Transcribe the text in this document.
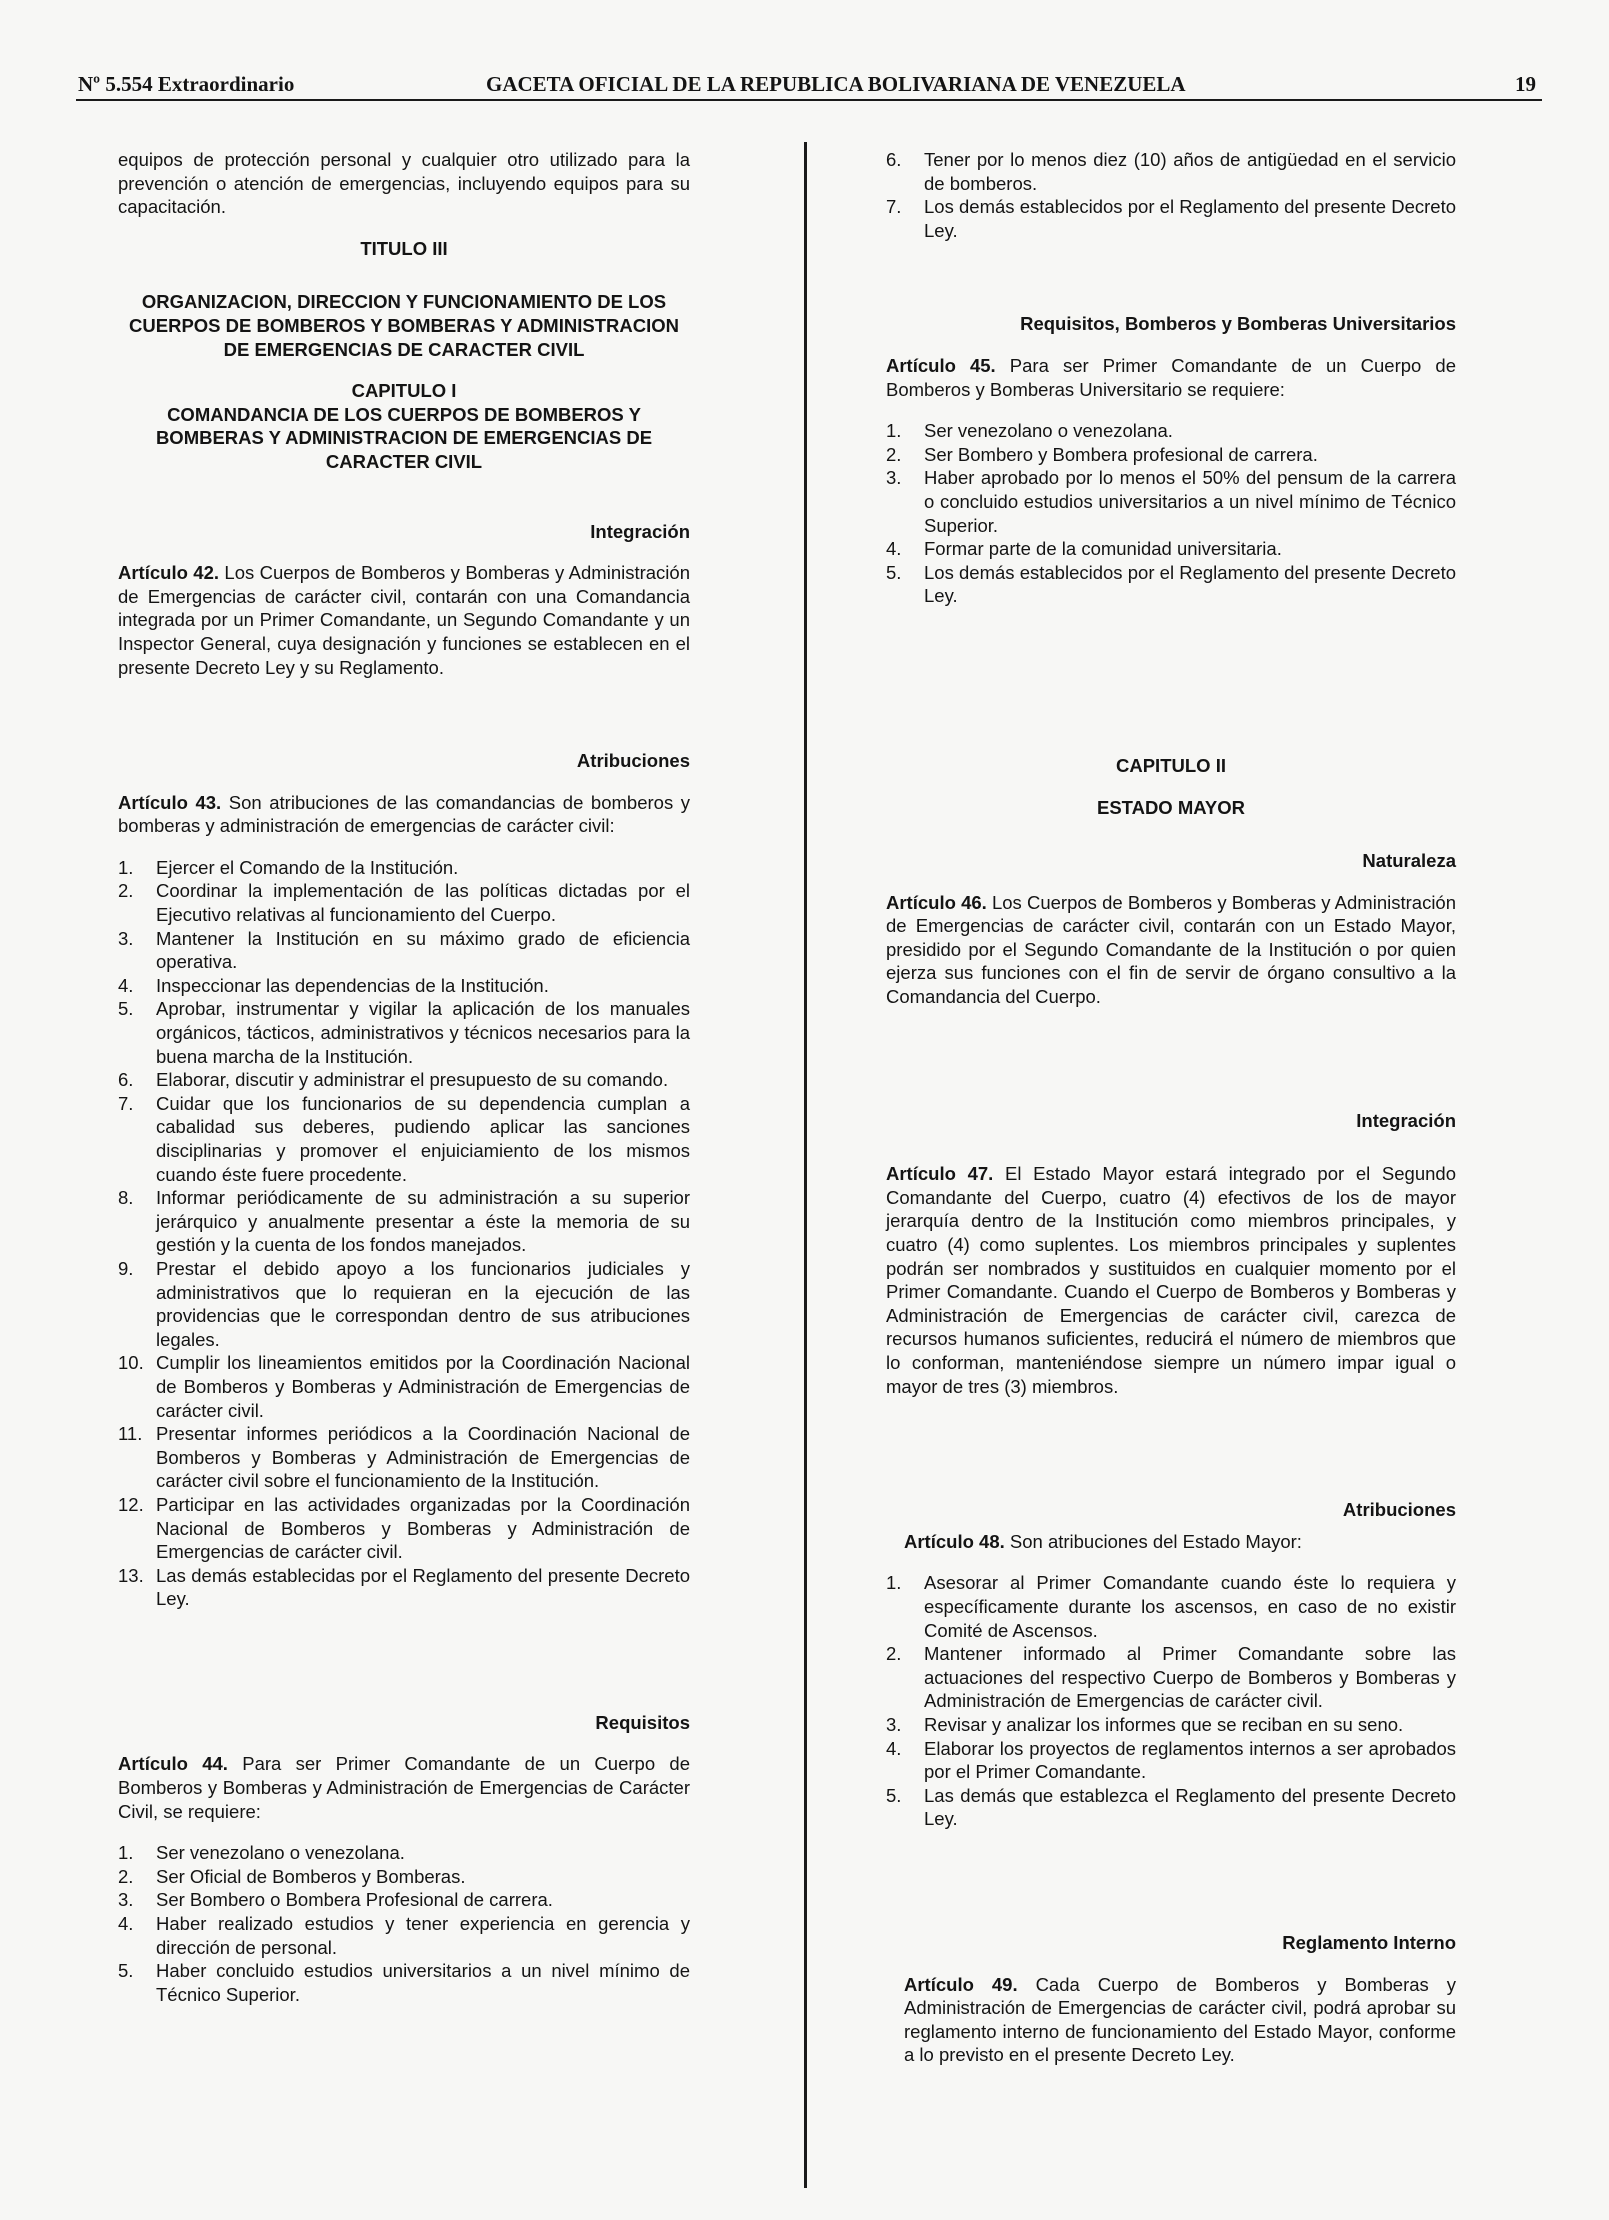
Nº 5.554 Extraordinario	GACETA OFICIAL DE LA REPUBLICA BOLIVARIANA DE VENEZUELA	19

equipos de protección personal y cualquier otro utilizado para la prevención o atención de emergencias, incluyendo equipos para su capacitación.

TITULO III

ORGANIZACION, DIRECCION Y FUNCIONAMIENTO DE LOS CUERPOS DE BOMBEROS Y BOMBERAS Y ADMINISTRACION DE EMERGENCIAS DE CARACTER CIVIL

CAPITULO I

COMANDANCIA DE LOS CUERPOS DE BOMBEROS Y BOMBERAS Y ADMINISTRACION DE EMERGENCIAS DE CARACTER CIVIL

Integración

Artículo 42. Los Cuerpos de Bomberos y Bomberas y Administración de Emergencias de carácter civil, contarán con una Comandancia integrada por un Primer Comandante, un Segundo Comandante y un Inspector General, cuya designación y funciones se establecen en el presente Decreto Ley y su Reglamento.

Atribuciones

Artículo 43. Son atribuciones de las comandancias de bomberos y bomberas y administración de emergencias de carácter civil:

1. Ejercer el Comando de la Institución.
2. Coordinar la implementación de las políticas dictadas por el Ejecutivo relativas al funcionamiento del Cuerpo.
3. Mantener la Institución en su máximo grado de eficiencia operativa.
4. Inspeccionar las dependencias de la Institución.
5. Aprobar, instrumentar y vigilar la aplicación de los manuales orgánicos, tácticos, administrativos y técnicos necesarios para la buena marcha de la Institución.
6. Elaborar, discutir y administrar el presupuesto de su comando.
7. Cuidar que los funcionarios de su dependencia cumplan a cabalidad sus deberes, pudiendo aplicar las sanciones disciplinarias y promover el enjuiciamiento de los mismos cuando éste fuere procedente.
8. Informar periódicamente de su administración a su superior jerárquico y anualmente presentar a éste la memoria de su gestión y la cuenta de los fondos manejados.
9. Prestar el debido apoyo a los funcionarios judiciales y administrativos que lo requieran en la ejecución de las providencias que le correspondan dentro de sus atribuciones legales.
10. Cumplir los lineamientos emitidos por la Coordinación Nacional de Bomberos y Bomberas y Administración de Emergencias de carácter civil.
11. Presentar informes periódicos a la Coordinación Nacional de Bomberos y Bomberas y Administración de Emergencias de carácter civil sobre el funcionamiento de la Institución.
12. Participar en las actividades organizadas por la Coordinación Nacional de Bomberos y Bomberas y Administración de Emergencias de carácter civil.
13. Las demás establecidas por el Reglamento del presente Decreto Ley.

Requisitos

Artículo 44. Para ser Primer Comandante de un Cuerpo de Bomberos y Bomberas y Administración de Emergencias de Carácter Civil, se requiere:

1. Ser venezolano o venezolana.
2. Ser Oficial de Bomberos y Bomberas.
3. Ser Bombero o Bombera Profesional de carrera.
4. Haber realizado estudios y tener experiencia en gerencia y dirección de personal.
5. Haber concluido estudios universitarios a un nivel mínimo de Técnico Superior.
6. Tener por lo menos diez (10) años de antigüedad en el servicio de bomberos.
7. Los demás establecidos por el Reglamento del presente Decreto Ley.

Requisitos, Bomberos y Bomberas Universitarios

Artículo 45. Para ser Primer Comandante de un Cuerpo de Bomberos y Bomberas Universitario se requiere:

1. Ser venezolano o venezolana.
2. Ser Bombero y Bombera profesional de carrera.
3. Haber aprobado por lo menos el 50% del pensum de la carrera o concluido estudios universitarios a un nivel mínimo de Técnico Superior.
4. Formar parte de la comunidad universitaria.
5. Los demás establecidos por el Reglamento del presente Decreto Ley.

CAPITULO II

ESTADO MAYOR

Naturaleza

Artículo 46. Los Cuerpos de Bomberos y Bomberas y Administración de Emergencias de carácter civil, contarán con un Estado Mayor, presidido por el Segundo Comandante de la Institución o por quien ejerza sus funciones con el fin de servir de órgano consultivo a la Comandancia del Cuerpo.

Integración

Artículo 47. El Estado Mayor estará integrado por el Segundo Comandante del Cuerpo, cuatro (4) efectivos de los de mayor jerarquía dentro de la Institución como miembros principales, y cuatro (4) como suplentes. Los miembros principales y suplentes podrán ser nombrados y sustituidos en cualquier momento por el Primer Comandante. Cuando el Cuerpo de Bomberos y Bomberas y Administración de Emergencias de carácter civil, carezca de recursos humanos suficientes, reducirá el número de miembros que lo conforman, manteniéndose siempre un número impar igual o mayor de tres (3) miembros.

Atribuciones

Artículo 48. Son atribuciones del Estado Mayor:

1. Asesorar al Primer Comandante cuando éste lo requiera y específicamente durante los ascensos, en caso de no existir Comité de Ascensos.
2. Mantener informado al Primer Comandante sobre las actuaciones del respectivo Cuerpo de Bomberos y Bomberas y Administración de Emergencias de carácter civil.
3. Revisar y analizar los informes que se reciban en su seno.
4. Elaborar los proyectos de reglamentos internos a ser aprobados por el Primer Comandante.
5. Las demás que establezca el Reglamento del presente Decreto Ley.

Reglamento Interno

Artículo 49. Cada Cuerpo de Bomberos y Bomberas y Administración de Emergencias de carácter civil, podrá aprobar su reglamento interno de funcionamiento del Estado Mayor, conforme a lo previsto en el presente Decreto Ley.
